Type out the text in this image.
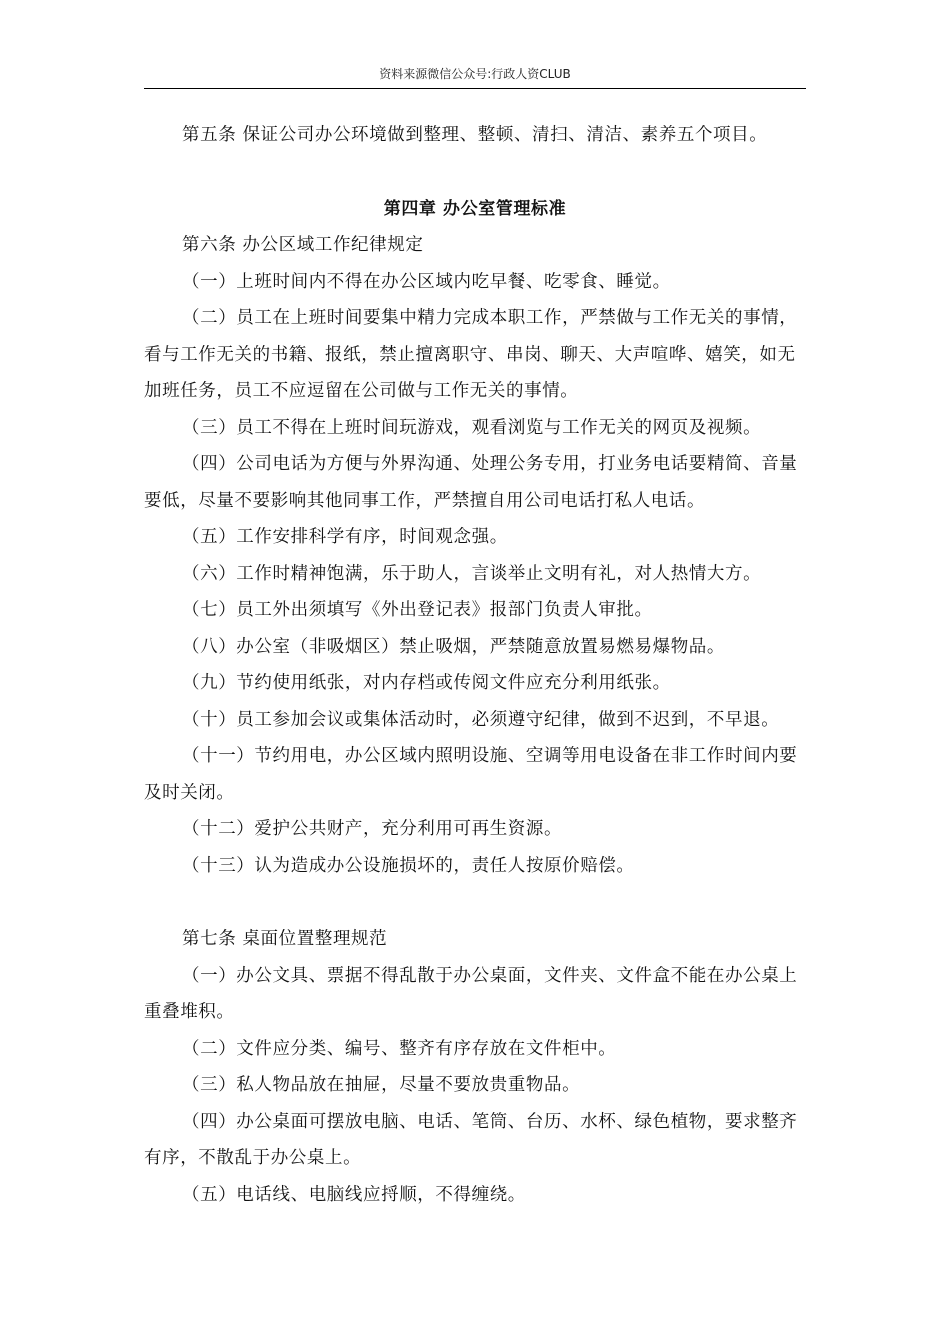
资料来源微信公众号:行政人资CLUB

第五条 保证公司办公环境做到整理、整顿、清扫、清洁、素养五个项目。

第四章 办公室管理标准

第六条 办公区域工作纪律规定

（一）上班时间内不得在办公区域内吃早餐、吃零食、睡觉。

（二）员工在上班时间要集中精力完成本职工作，严禁做与工作无关的事情，看与工作无关的书籍、报纸，禁止擅离职守、串岗、聊天、大声喧哗、嬉笑，如无加班任务，员工不应逗留在公司做与工作无关的事情。

（三）员工不得在上班时间玩游戏，观看浏览与工作无关的网页及视频。

（四）公司电话为方便与外界沟通、处理公务专用，打业务电话要精简、音量要低，尽量不要影响其他同事工作，严禁擅自用公司电话打私人电话。

（五）工作安排科学有序，时间观念强。

（六）工作时精神饱满，乐于助人，言谈举止文明有礼，对人热情大方。

（七）员工外出须填写《外出登记表》报部门负责人审批。

（八）办公室（非吸烟区）禁止吸烟，严禁随意放置易燃易爆物品。

（九）节约使用纸张，对内存档或传阅文件应充分利用纸张。

（十）员工参加会议或集体活动时，必须遵守纪律，做到不迟到，不早退。

（十一）节约用电，办公区域内照明设施、空调等用电设备在非工作时间内要及时关闭。

（十二）爱护公共财产，充分利用可再生资源。

（十三）认为造成办公设施损坏的，责任人按原价赔偿。

第七条 桌面位置整理规范

（一）办公文具、票据不得乱散于办公桌面，文件夹、文件盒不能在办公桌上重叠堆积。

（二）文件应分类、编号、整齐有序存放在文件柜中。

（三）私人物品放在抽屉，尽量不要放贵重物品。

（四）办公桌面可摆放电脑、电话、笔筒、台历、水杯、绿色植物，要求整齐有序，不散乱于办公桌上。

（五）电话线、电脑线应捋顺，不得缠绕。
